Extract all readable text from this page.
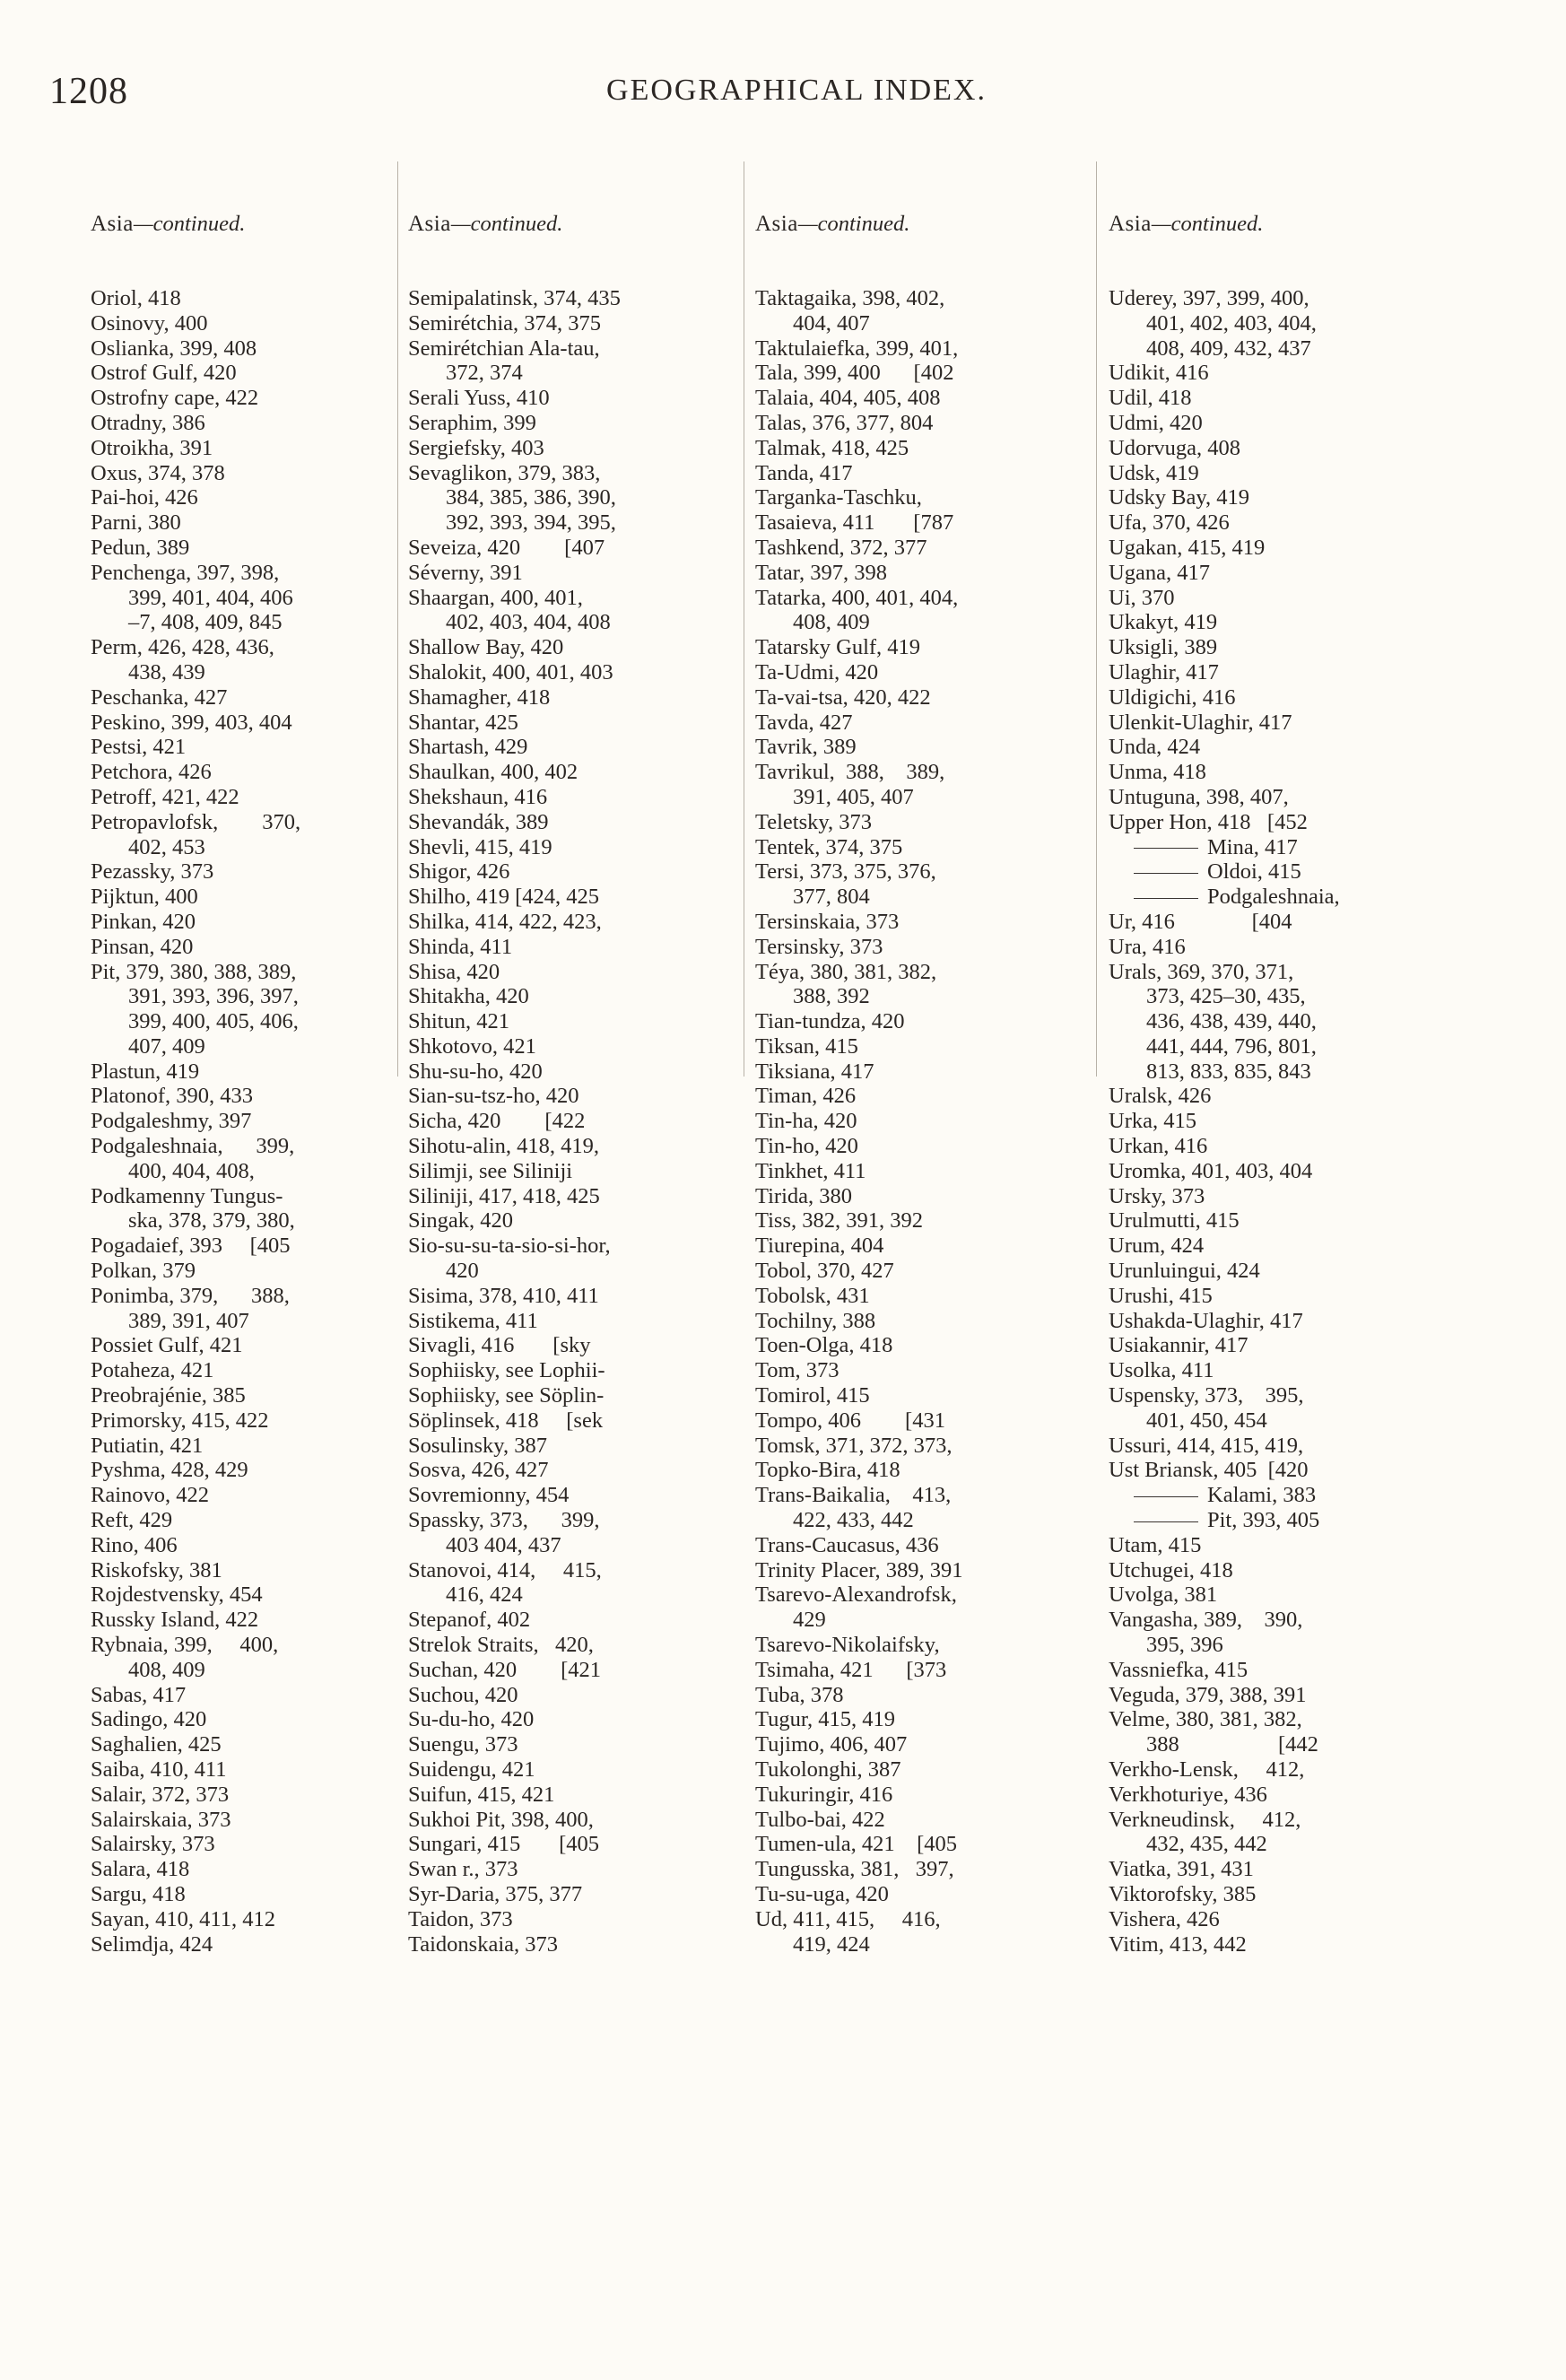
1208	GEOGRAPHICAL INDEX.

Asia—continued.

Oriol, 418
Osinovy, 400
Oslianka, 399, 408
Ostrof Gulf, 420
Ostrofny cape, 422
Otradny, 386
Otroikha, 391
Oxus, 374, 378
Pai-hoi, 426
Parni, 380
Pedun, 389
Penchenga, 397, 398,
399, 401, 404, 406
–7, 408, 409, 845
Perm, 426, 428, 436,
438, 439
Peschanka, 427
Peskino, 399, 403, 404
Pestsi, 421
Petchora, 426
Petroff, 421, 422
Petropavlofsk,        370,
402, 453
Pezassky, 373
Pijktun, 400
Pinkan, 420
Pinsan, 420
Pit, 379, 380, 388, 389,
391, 393, 396, 397,
399, 400, 405, 406,
407, 409
Plastun, 419
Platonof, 390, 433
Podgaleshmy, 397
Podgaleshnaia,      399,
400, 404, 408,
Podkamenny Tungus-
ska, 378, 379, 380,
Pogadaief, 393     [405
Polkan, 379
Ponimba, 379,      388,
389, 391, 407
Possiet Gulf, 421
Potaheza, 421
Preobrajénie, 385
Primorsky, 415, 422
Putiatin, 421
Pyshma, 428, 429
Rainovo, 422
Reft, 429
Rino, 406
Riskofsky, 381
Rojdestvensky, 454
Russky Island, 422
Rybnaia, 399,     400,
408, 409
Sabas, 417
Sadingo, 420
Saghalien, 425
Saiba, 410, 411
Salair, 372, 373
Salairskaia, 373
Salairsky, 373
Salara, 418
Sargu, 418
Sayan, 410, 411, 412
Selimdja, 424

Asia—continued.

Semipalatinsk, 374, 435
Semirétchia, 374, 375
Semirétchian Ala-tau,
372, 374
Serali Yuss, 410
Seraphim, 399
Sergiefsky, 403
Sevaglikon, 379, 383,
384, 385, 386, 390,
392, 393, 394, 395,
Seveiza, 420        [407
Séverny, 391
Shaargan, 400, 401,
402, 403, 404, 408
Shallow Bay, 420
Shalokit, 400, 401, 403
Shamagher, 418
Shantar, 425
Shartash, 429
Shaulkan, 400, 402
Shekshaun, 416
Shevandák, 389
Shevli, 415, 419
Shigor, 426
Shilho, 419 [424, 425
Shilka, 414, 422, 423,
Shinda, 411
Shisa, 420
Shitakha, 420
Shitun, 421
Shkotovo, 421
Shu-su-ho, 420
Sian-su-tsz-ho, 420
Sicha, 420        [422
Sihotu-alin, 418, 419,
Silimji, see Siliniji
Siliniji, 417, 418, 425
Singak, 420
Sio-su-su-ta-sio-si-hor,
420
Sisima, 378, 410, 411
Sistikema, 411
Sivagli, 416       [sky
Sophiisky, see Lophii-
Sophiisky, see Söplin-
Söplinsek, 418     [sek
Sosulinsky, 387
Sosva, 426, 427
Sovremionny, 454
Spassky, 373,      399,
403 404, 437
Stanovoi, 414,     415,
416, 424
Stepanof, 402
Strelok Straits,   420,
Suchan, 420        [421
Suchou, 420
Su-du-ho, 420
Suengu, 373
Suidengu, 421
Suifun, 415, 421
Sukhoi Pit, 398, 400,
Sungari, 415       [405
Swan r., 373
Syr-Daria, 375, 377
Taidon, 373
Taidonskaia, 373

Asia—continued.

Taktagaika, 398, 402,
404, 407
Taktulaiefka, 399, 401,
Tala, 399, 400      [402
Talaia, 404, 405, 408
Talas, 376, 377, 804
Talmak, 418, 425
Tanda, 417
Targanka-Taschku,
Tasaieva, 411       [787
Tashkend, 372, 377
Tatar, 397, 398
Tatarka, 400, 401, 404,
408, 409
Tatarsky Gulf, 419
Ta-Udmi, 420
Ta-vai-tsa, 420, 422
Tavda, 427
Tavrik, 389
Tavrikul,  388,    389,
391, 405, 407
Teletsky, 373
Tentek, 374, 375
Tersi, 373, 375, 376,
377, 804
Tersinskaia, 373
Tersinsky, 373
Téya, 380, 381, 382,
388, 392
Tian-tundza, 420
Tiksan, 415
Tiksiana, 417
Timan, 426
Tin-ha, 420
Tin-ho, 420
Tinkhet, 411
Tirida, 380
Tiss, 382, 391, 392
Tiurepina, 404
Tobol, 370, 427
Tobolsk, 431
Tochilny, 388
Toen-Olga, 418
Tom, 373
Tomirol, 415
Tompo, 406        [431
Tomsk, 371, 372, 373,
Topko-Bira, 418
Trans-Baikalia,    413,
422, 433, 442
Trans-Caucasus, 436
Trinity Placer, 389, 391
Tsarevo-Alexandrofsk,
429
Tsarevo-Nikolaifsky,
Tsimaha, 421      [373
Tuba, 378
Tugur, 415, 419
Tujimo, 406, 407
Tukolonghi, 387
Tukuringir, 416
Tulbo-bai, 422
Tumen-ula, 421    [405
Tungusska, 381,   397,
Tu-su-uga, 420
Ud, 411, 415,     416,
419, 424

Asia—continued.

Uderey, 397, 399, 400,
401, 402, 403, 404,
408, 409, 432, 437
Udikit, 416
Udil, 418
Udmi, 420
Udorvuga, 408
Udsk, 419
Udsky Bay, 419
Ufa, 370, 426
Ugakan, 415, 419
Ugana, 417
Ui, 370
Ukakyt, 419
Uksigli, 389
Ulaghir, 417
Uldigichi, 416
Ulenkit-Ulaghir, 417
Unda, 424
Unma, 418
Untuguna, 398, 407,
Upper Hon, 418   [452
Mina, 417
Oldoi, 415
Podgaleshnaia,
Ur, 416              [404
Ura, 416
Urals, 369, 370, 371,
373, 425–30, 435,
436, 438, 439, 440,
441, 444, 796, 801,
813, 833, 835, 843
Uralsk, 426
Urka, 415
Urkan, 416
Uromka, 401, 403, 404
Ursky, 373
Urulmutti, 415
Urum, 424
Urunluingui, 424
Urushi, 415
Ushakda-Ulaghir, 417
Usiakannir, 417
Usolka, 411
Uspensky, 373,    395,
401, 450, 454
Ussuri, 414, 415, 419,
Ust Briansk, 405  [420
Kalami, 383
Pit, 393, 405
Utam, 415
Utchugei, 418
Uvolga, 381
Vangasha, 389,    390,
395, 396
Vassniefka, 415
Veguda, 379, 388, 391
Velme, 380, 381, 382,
388                  [442
Verkho-Lensk,     412,
Verkhoturiye, 436
Verkneudinsk,     412,
432, 435, 442
Viatka, 391, 431
Viktorofsky, 385
Vishera, 426
Vitim, 413, 442
